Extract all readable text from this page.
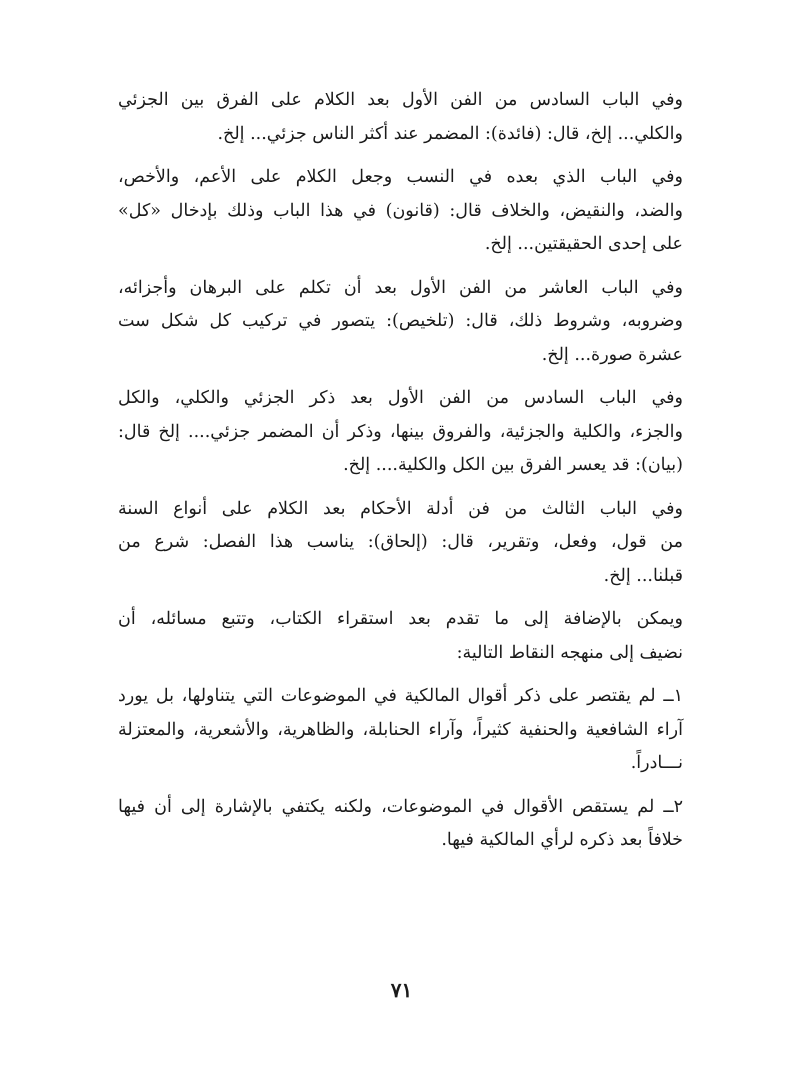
وفي الباب السادس من الفن الأول بعد الكلام على الفرق بين الجزئي
والكلي... إلخ، قال: (فائدة): المضمر عند أكثر الناس جزئي... إلخ.

وفي الباب الذي بعده في النسب وجعل الكلام على الأعم، والأخص،
والضد، والنقيض، والخلاف قال: (قانون) في هذا الباب وذلك بإدخال «كل»
على إحدى الحقيقتين... إلخ.

وفي الباب العاشر من الفن الأول بعد أن تكلم على البرهان وأجزائه،
وضروبه، وشروط ذلك، قال: (تلخيص): يتصور في تركيب كل شكل ست
عشرة صورة... إلخ.

وفي الباب السادس من الفن الأول بعد ذكر الجزئي والكلي، والكل
والجزء، والكلية والجزئية، والفروق بينها، وذكر أن المضمر جزئي.... إلخ قال:
(بيان): قد يعسر الفرق بين الكل والكلية.... إلخ.

وفي الباب الثالث من فن أدلة الأحكام بعد الكلام على أنواع السنة
من قول، وفعل، وتقرير، قال: (إلحاق): يناسب هذا الفصل: شرع من
قبلنا... إلخ.

ويمكن بالإضافة إلى ما تقدم بعد استقراء الكتاب، وتتبع مسائله، أن
نضيف إلى منهجه النقاط التالية:

١ــ لم يقتصر على ذكر أقوال المالكية في الموضوعات التي يتناولها، بل يورد
آراء الشافعية والحنفية كثيراً، وآراء الحنابلة، والظاهرية، والأشعرية، والمعتزلة
نـــادراً.

٢ــ لم يستقص الأقوال في الموضوعات، ولكنه يكتفي بالإشارة إلى أن فيها
خلافاً بعد ذكره لرأي المالكية فيها.

٧١
